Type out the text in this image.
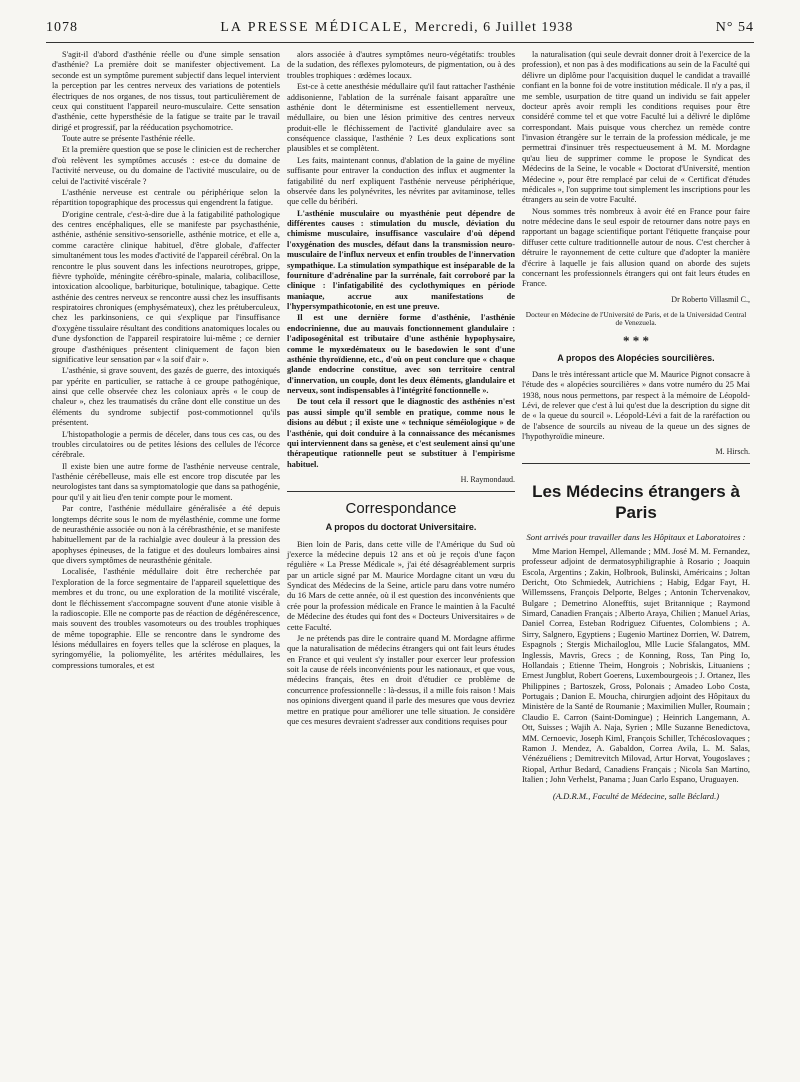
1078	LA PRESSE MÉDICALE, Mercredi, 6 Juillet 1938	N° 54

S'agit-il d'abord d'asthénie réelle ou d'une simple sensation d'asthénie? La première doit se manifester objectivement. La seconde est un symptôme purement subjectif dans lequel intervient la perception par les centres nerveux des variations de potentiels électriques de nos organes, de nos tissus, tout particulièrement de ceux qui constituent l'appareil neuro-musculaire. Cette sensation d'asthénie, cette hypersthésie de la fatigue se traite par le travail dirigé et progressif, par la rééducation psychomotrice.

Toute autre se présente l'asthénie réelle.

Et la première question que se pose le clinicien est de rechercher d'où relèvent les symptômes accusés : est-ce du domaine de l'activité nerveuse, ou du domaine de l'activité musculaire, ou de celui de l'activité viscérale ?

L'asthénie nerveuse est centrale ou périphérique selon la répartition topographique des processus qui engendrent la fatigue.

D'origine centrale, c'est-à-dire due à la fatigabilité pathologique des centres encéphaliques, elle se manifeste par psychasthénie, asthénie, asthénie sensitivo-sensorielle, asthénie motrice, et elle a, comme caractère clinique habituel, d'être globale, d'affecter simultanément tous les modes d'activité de l'appareil cérébral. On la rencontre le plus souvent dans les infections neurotropes, grippe, fièvre typhoïde, méningite cérébro-spinale, malaria, colibacillose, intoxication alcoolique, barbiturique, botulinique, tabagique. Cette asthénie des centres nerveux se rencontre aussi chez les insuffisants respiratoires chroniques (emphysémateux), chez les prétuberculeux, chez les parkinsoniens, ce qui s'explique par l'insuffisance d'oxygène tissulaire résultant des conditions anatomiques locales ou d'une dysfonction de l'appareil respiratoire lui-même ; ce dernier groupe d'asthéniques présentent cliniquement de façon bien significative leur sensation par « la soif d'air ».

L'asthénie, si grave souvent, des gazés de guerre, des intoxiqués par ypérite en particulier, se rattache à ce groupe pathogénique, ainsi que celle observée chez les coloniaux après « le coup de chaleur », chez les traumatisés du crâne dont elle constitue un des éléments du syndrome subjectif post-commotionnel qu'ils présentent.

L'histopathologie a permis de déceler, dans tous ces cas, ou des troubles circulatoires ou de petites lésions des cellules de l'écorce cérébrale.

Il existe bien une autre forme de l'asthénie nerveuse centrale, l'asthénie cérébelleuse, mais elle est encore trop discutée par les neurologistes tant dans sa symptomatologie que dans sa pathogénie, pour qu'il y ait lieu d'en tenir compte pour le moment.

Par contre, l'asthénie médullaire généralisée a été depuis longtemps décrite sous le nom de myélasthénie, comme une forme de neurasthénie associée ou non à la cérébrasthénie, et se manifeste habituellement par de la rachialgie avec douleur à la pression des apophyses épineuses, de la fatigue et des douleurs lombaires ainsi que divers symptômes de neurasthénie génitale.

Localisée, l'asthénie médullaire doit être recherchée par l'exploration de la force segmentaire de l'appareil squelettique des membres et du tronc, ou une exploration de la motilité viscérale, dont le fléchissement s'accompagne souvent d'une atonie visible à la radioscopie. Elle ne comporte pas de réaction de dégénérescence, mais souvent des troubles vasomoteurs ou des troubles trophiques de même topographie. Elle se rencontre dans le syndrome des lésions médullaires en foyers telles que la sclérose en plaques, la syringomyélie, la poliomyélite, les artérites médullaires, les compressions tumorales, et est

alors associée à d'autres symptômes neuro-végétatifs: troubles de la sudation, des réflexes pylomoteurs, de pigmentation, ou à des troubles trophiques : œdèmes locaux.

Est-ce à cette anesthésie médullaire qu'il faut rattacher l'asthénie addisonienne, l'ablation de la surrénale faisant apparaître une asthénie dont le déterminisme est essentiellement nerveux, médullaire, ou bien une lésion primitive des centres nerveux produit-elle le fléchissement de l'activité glandulaire avec sa conséquence classique, l'asthénie ? Les deux explications sont plausibles et se complètent.

Les faits, maintenant connus, d'ablation de la gaine de myéline suffisante pour entraver la conduction des influx et augmenter la fatigabilité du nerf expliquent l'asthénie nerveuse périphérique, observée dans les polynévrites, les névrites par avitaminose, telles que celle du béribéri.

L'asthénie musculaire ou myasthénie peut dépendre de différentes causes : stimulation du muscle, déviation du chimisme musculaire, insuffisance vasculaire d'où dépend l'oxygénation des muscles, défaut dans la transmission neuro-musculaire de l'influx nerveux et enfin troubles de l'innervation sympathique. La stimulation sympathique est inséparable de la fourniture d'adrénaline par la surrénale, fait corroboré par la clinique : l'infatigabilité des cyclothymiques en période maniaque, accrue aux manifestations de l'hypersympathicotonie, en est une preuve.

Il est une dernière forme d'asthénie, l'asthénie endocrinienne, due au mauvais fonctionnement glandulaire : l'adiposogénital est tributaire d'une asthénie hypophysaire, comme le myxœdémateux ou le basedowien le sont d'une asthénie thyroïdienne, etc., d'où on peut conclure que « chaque glande endocrine constitue, avec son territoire central d'innervation, un couple, dont les deux éléments, glandulaire et nerveux, sont indispensables à l'intégrité fonctionnelle ».

De tout cela il ressort que le diagnostic des asthénies n'est pas aussi simple qu'il semble en pratique, comme nous le disions au début ; il existe une « technique séméiologique » de l'asthénie, qui doit conduire à la connaissance des mécanismes qui interviennent dans sa genèse, et c'est seulement ainsi qu'une thérapeutique rationnelle peut se substituer à l'empirisme habituel.

H. Raymondaud.
Correspondance
A propos du doctorat Universitaire.

Bien loin de Paris, dans cette ville de l'Amérique du Sud où j'exerce la médecine depuis 12 ans et où je reçois d'une façon régulière « La Presse Médicale », j'ai été désagréablement surpris par un article signé par M. Maurice Mordagne citant un vœu du Syndicat des Médecins de la Seine, article paru dans votre numéro du 16 Mars de cette année, où il est question des inconvénients que crée pour la profession médicale en France le maintien à la Faculté de Médecine des études qui font des « Docteurs Universitaires » de cette Faculté.

Je ne prétends pas dire le contraire quand M. Mordagne affirme que la naturalisation de médecins étrangers qui ont fait leurs études en France et qui veulent s'y installer pour exercer leur profession soit la cause de réels inconvénients pour les nationaux, et que vous, médecins français, êtes en droit d'étudier ce problème de concurrence professionnelle : là-dessus, il a mille fois raison ! Mais nos opinions divergent quand il parle des mesures que vous devriez mettre en pratique pour améliorer une telle situation. Je considère que ces mesures devraient s'adresser aux conditions requises pour

la naturalisation (qui seule devrait donner droit à l'exercice de la profession), et non pas à des modifications au sein de la Faculté qui délivre un diplôme pour l'acquisition duquel le candidat a travaillé confiant en la bonne foi de votre institution médicale. Il n'y a pas, il me semble, usurpation de titre quand un individu se fait appeler docteur après avoir rempli les conditions requises pour être considéré comme tel et que votre Faculté lui a délivré le diplôme correspondant. Mais puisque vous cherchez un remède contre l'invasion étrangère sur le terrain de la profession médicale, je me permettrai d'insinuer très respectueusement à M. M. Mordagne qu'au lieu de supprimer comme le propose le Syndicat des Médecins de la Seine, le vocable « Doctorat d'Université, mention Médecine », pour être remplacé par celui de « Certificat d'études médicales », l'on supprime tout simplement les inscriptions pour les étrangers au sein de votre Faculté.

Nous sommes très nombreux à avoir été en France pour faire notre médecine dans le seul espoir de retourner dans notre pays en rapportant un bagage scientifique portant l'étiquette française pour diffuser cette culture traditionnelle autour de nous. C'est chercher à détruire le rayonnement de cette culture que d'adopter la manière d'écrire à laquelle je fais allusion quand on aborde des sujets concernant les professionnels étrangers qui ont fait leurs études en France.

Dr Roberto Villasmil C.,
Docteur en Médecine de l'Université de Paris, et de la Universidad Central de Venezuela.
* * *
A propos des Alopécies sourcilières.

Dans le très intéressant article que M. Maurice Pignot consacre à l'étude des « alopécies sourcilières » dans votre numéro du 25 Mai 1938, nous nous permettons, par respect à la mémoire de Léopold-Lévi, de relever que c'est à lui qu'est due la description du signe dit de « la queue du sourcil ». Léopold-Lévi a fait de la raréfaction ou de l'absence de sourcils au niveau de la queue un des signes de l'hypothyroïdie mineure.

M. Hirsch.
Les Médecins étrangers à Paris
Sont arrivés pour travailler dans les Hôpitaux et Laboratoires :

Mme Marion Hempel, Allemande ; MM. José M. M. Fernandez, professeur adjoint de dermatosyphiligraphie à Rosario ; Joaquin Escola, Argentins ; Zakin, Holbrook, Bulinski, Américains ; Joltan Dericht, Oto Schmiedek, Autrichiens ; Habig, Edgar Fayt, H. Willemssens, François Delporte, Belges ; Antonin Tchervenakov, Bulgare ; Demetrino Alonefftis, sujet Britannique ; Raymond Simard, Canadien Français ; Alberto Araya, Chilien ; Manuel Arias, Daniel Correa, Esteban Rodriguez Cifuentes, Colombiens ; A. Sirry, Salgnero, Egyptiens ; Eugenio Martinez Dorrien, W. Datrem, Espagnols ; Stergis Michailoglou, Mlle Lucie Sfalangatos, MM. Inglessis, Mavris, Grecs ; de Konning, Ross, Tan Ping Io, Hollandais ; Etienne Theim, Hongrois ; Nobriskis, Lituaniens ; Ernest Jungblut, Robert Goerens, Luxembourgeois ; J. Ortanez, Iles Philippines ; Bartoszek, Gross, Polonais ; Amadeo Lobo Costa, Portugais ; Danion E. Moucha, chirurgien adjoint des Hôpitaux du Ministère de la Santé de Roumanie ; Maximilien Muller, Roumain ; Claudio E. Carron (Saint-Domingue) ; Heinrich Langemann, A. Ott, Suisses ; Wajih A. Naja, Syrien ; Mlle Suzanne Benedictova, MM. Cernoevic, Joseph Kiml, François Schiller, Tchécoslovaques ; Ramon J. Mendez, A. Gabaldon, Correa Avila, L. M. Salas, Vénézuéliens ; Demitrevitch Milovad, Artur Horvat, Yougoslaves ; Riopal, Arthur Bedard, Canadiens Français ; Nicola San Martino, Italien ; John Verhelst, Panama ; Juan Carlo Espano, Uruguayen.

(A.D.R.M., Faculté de Médecine, salle Béclard.)
